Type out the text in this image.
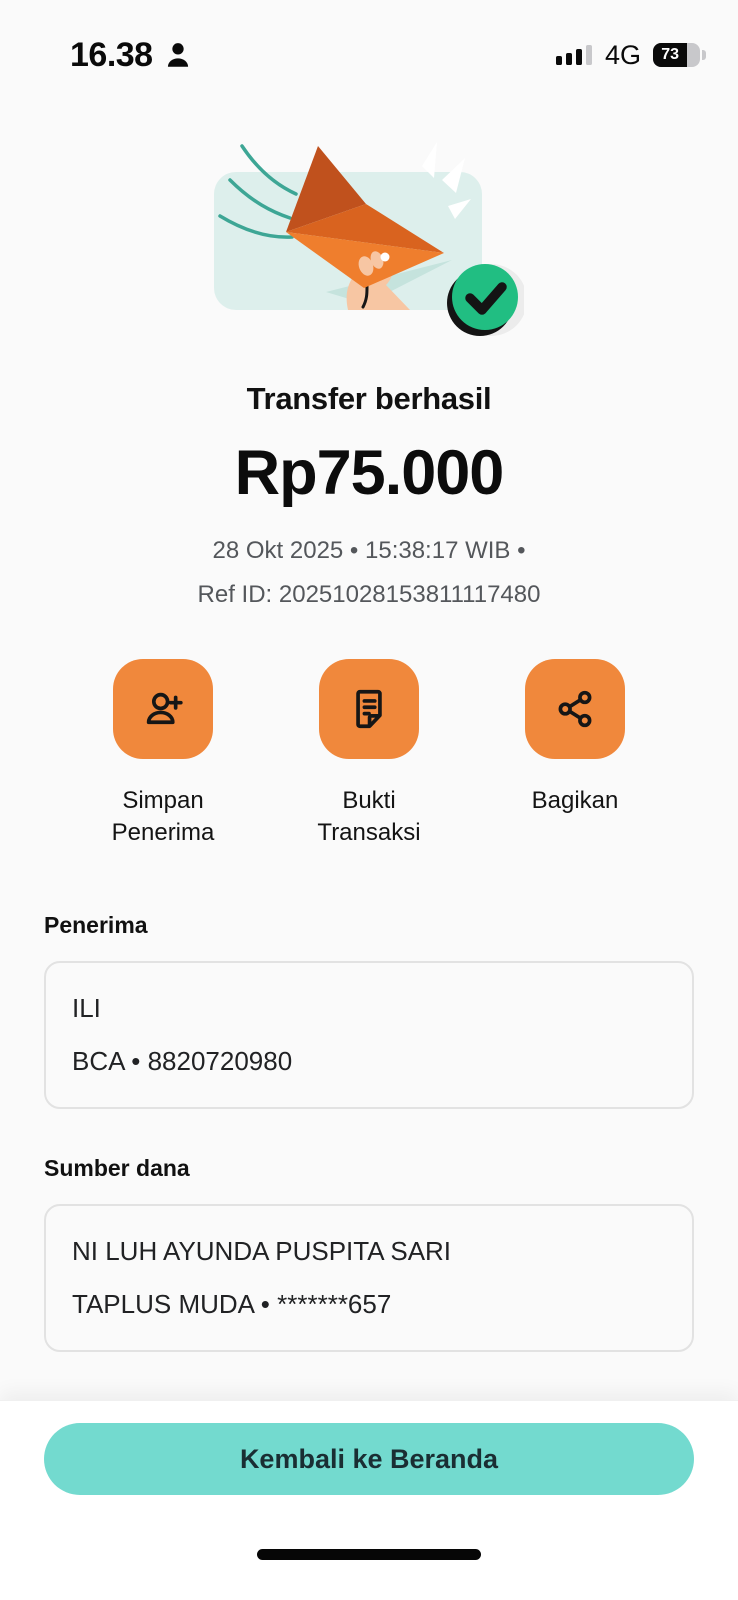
16.38	4G 73
Transfer berhasil
Rp75.000
28 Okt 2025 • 15:38:17 WIB •
Ref ID: 20251028153811117480
Simpan Penerima
Bukti Transaksi
Bagikan
Penerima
ILI
BCA • 8820720980
Sumber dana
NI LUH AYUNDA PUSPITA SARI
TAPLUS MUDA • *******657
Kembali ke Beranda
